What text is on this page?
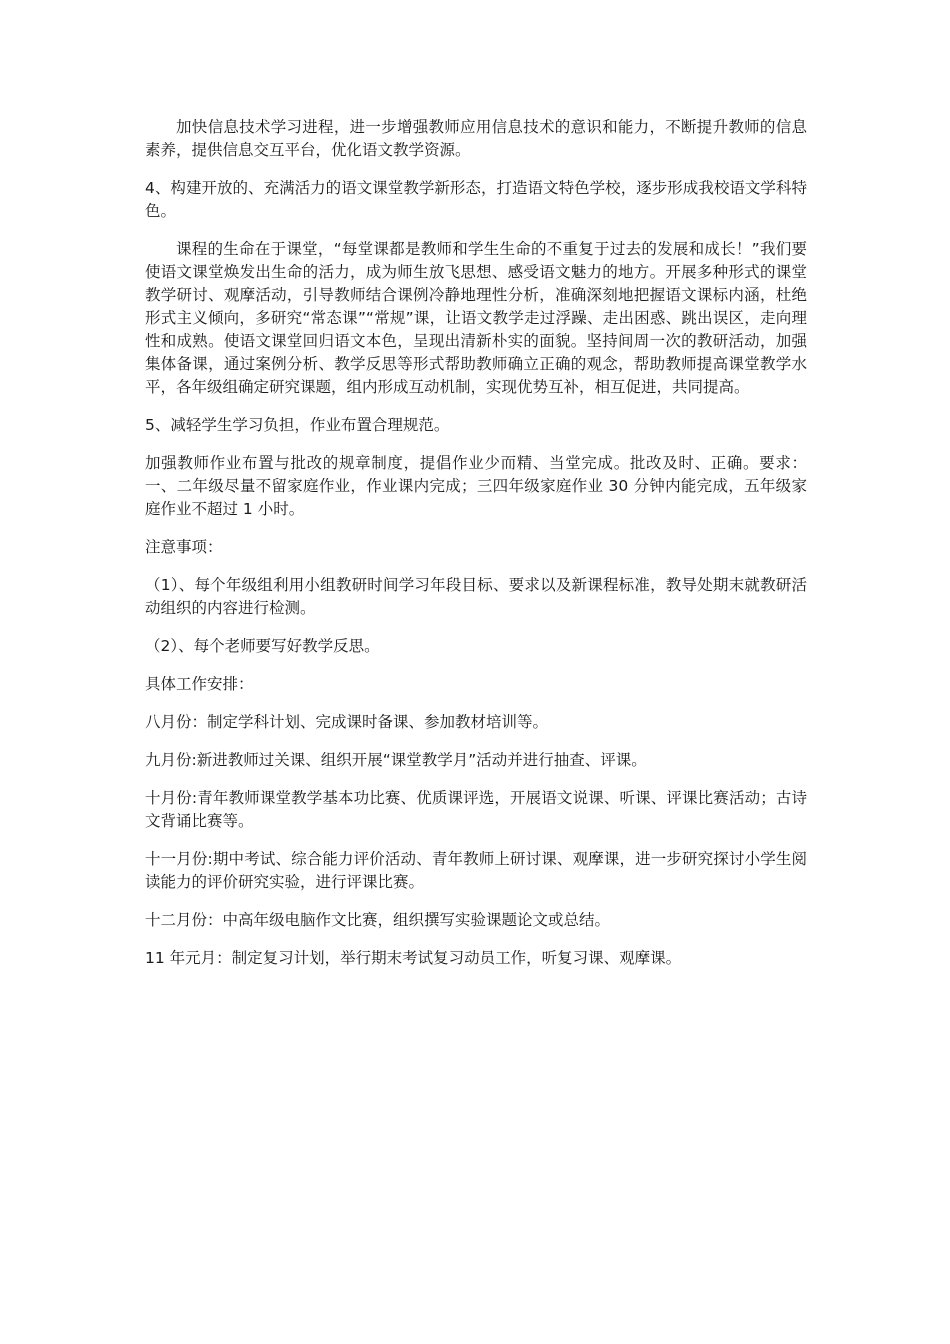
加快信息技术学习进程，进一步增强教师应用信息技术的意识和能力，不断提升教师的信息素养，提供信息交互平台，优化语文教学资源。

4、构建开放的、充满活力的语文课堂教学新形态，打造语文特色学校，逐步形成我校语文学科特色。

课程的生命在于课堂，“每堂课都是教师和学生生命的不重复于过去的发展和成长！”我们要使语文课堂焕发出生命的活力，成为师生放飞思想、感受语文魅力的地方。开展多种形式的课堂教学研讨、观摩活动，引导教师结合课例冷静地理性分析，准确深刻地把握语文课标内涵，杜绝形式主义倾向，多研究“常态课”“常规”课，让语文教学走过浮躁、走出困惑、跳出误区，走向理性和成熟。使语文课堂回归语文本色，呈现出清新朴实的面貌。坚持间周一次的教研活动，加强集体备课，通过案例分析、教学反思等形式帮助教师确立正确的观念，帮助教师提高课堂教学水平，各年级组确定研究课题，组内形成互动机制，实现优势互补，相互促进，共同提高。

5、减轻学生学习负担，作业布置合理规范。

加强教师作业布置与批改的规章制度，提倡作业少而精、当堂完成。批改及时、正确。要求：一、二年级尽量不留家庭作业，作业课内完成；三四年级家庭作业 30 分钟内能完成，五年级家庭作业不超过 1 小时。

注意事项：

（1）、每个年级组利用小组教研时间学习年段目标、要求以及新课程标准，教导处期末就教研活动组织的内容进行检测。

（2）、每个老师要写好教学反思。

具体工作安排：

八月份：制定学科计划、完成课时备课、参加教材培训等。

九月份:新进教师过关课、组织开展“课堂教学月”活动并进行抽查、评课。

十月份:青年教师课堂教学基本功比赛、优质课评选，开展语文说课、听课、评课比赛活动；古诗文背诵比赛等。

十一月份:期中考试、综合能力评价活动、青年教师上研讨课、观摩课，进一步研究探讨小学生阅读能力的评价研究实验，进行评课比赛。

十二月份：中高年级电脑作文比赛，组织撰写实验课题论文或总结。

11 年元月：制定复习计划，举行期末考试复习动员工作，听复习课、观摩课。
